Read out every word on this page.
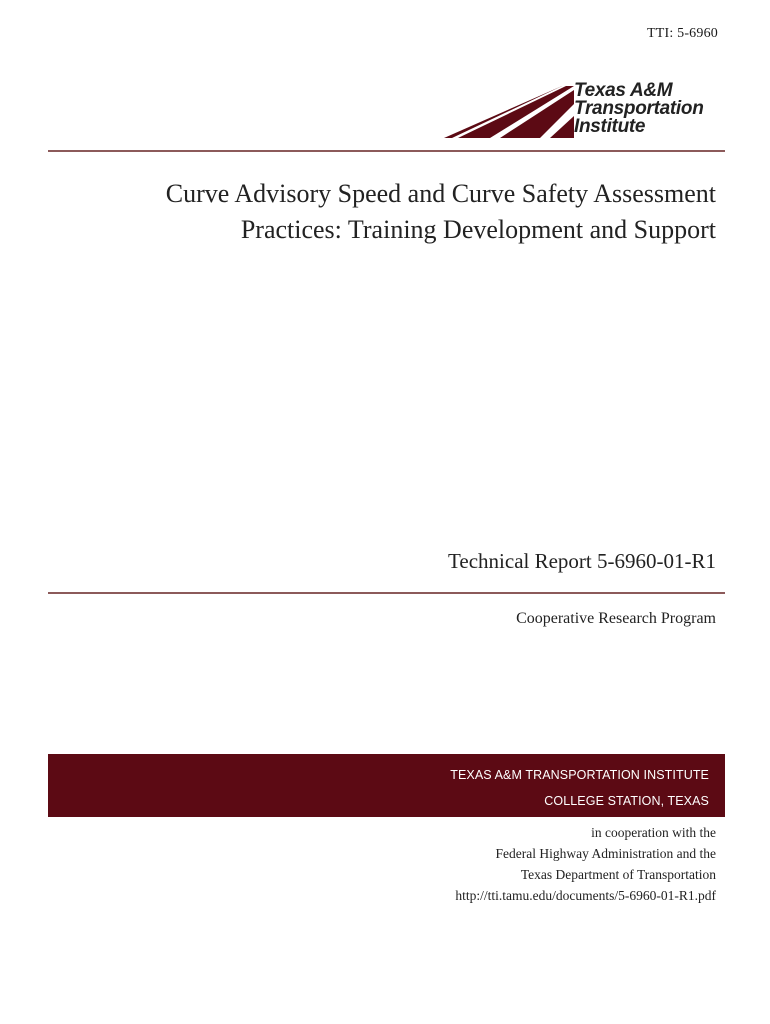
TTI: 5-6960
Texas A&M
Transportation
Institute
Curve Advisory Speed and Curve Safety Assessment
Practices: Training Development and Support
Technical Report 5-6960-01-R1
Cooperative Research Program
TEXAS A&M TRANSPORTATION INSTITUTE
COLLEGE STATION, TEXAS
in cooperation with the
Federal Highway Administration and the
Texas Department of Transportation
http://tti.tamu.edu/documents/5-6960-01-R1.pdf
